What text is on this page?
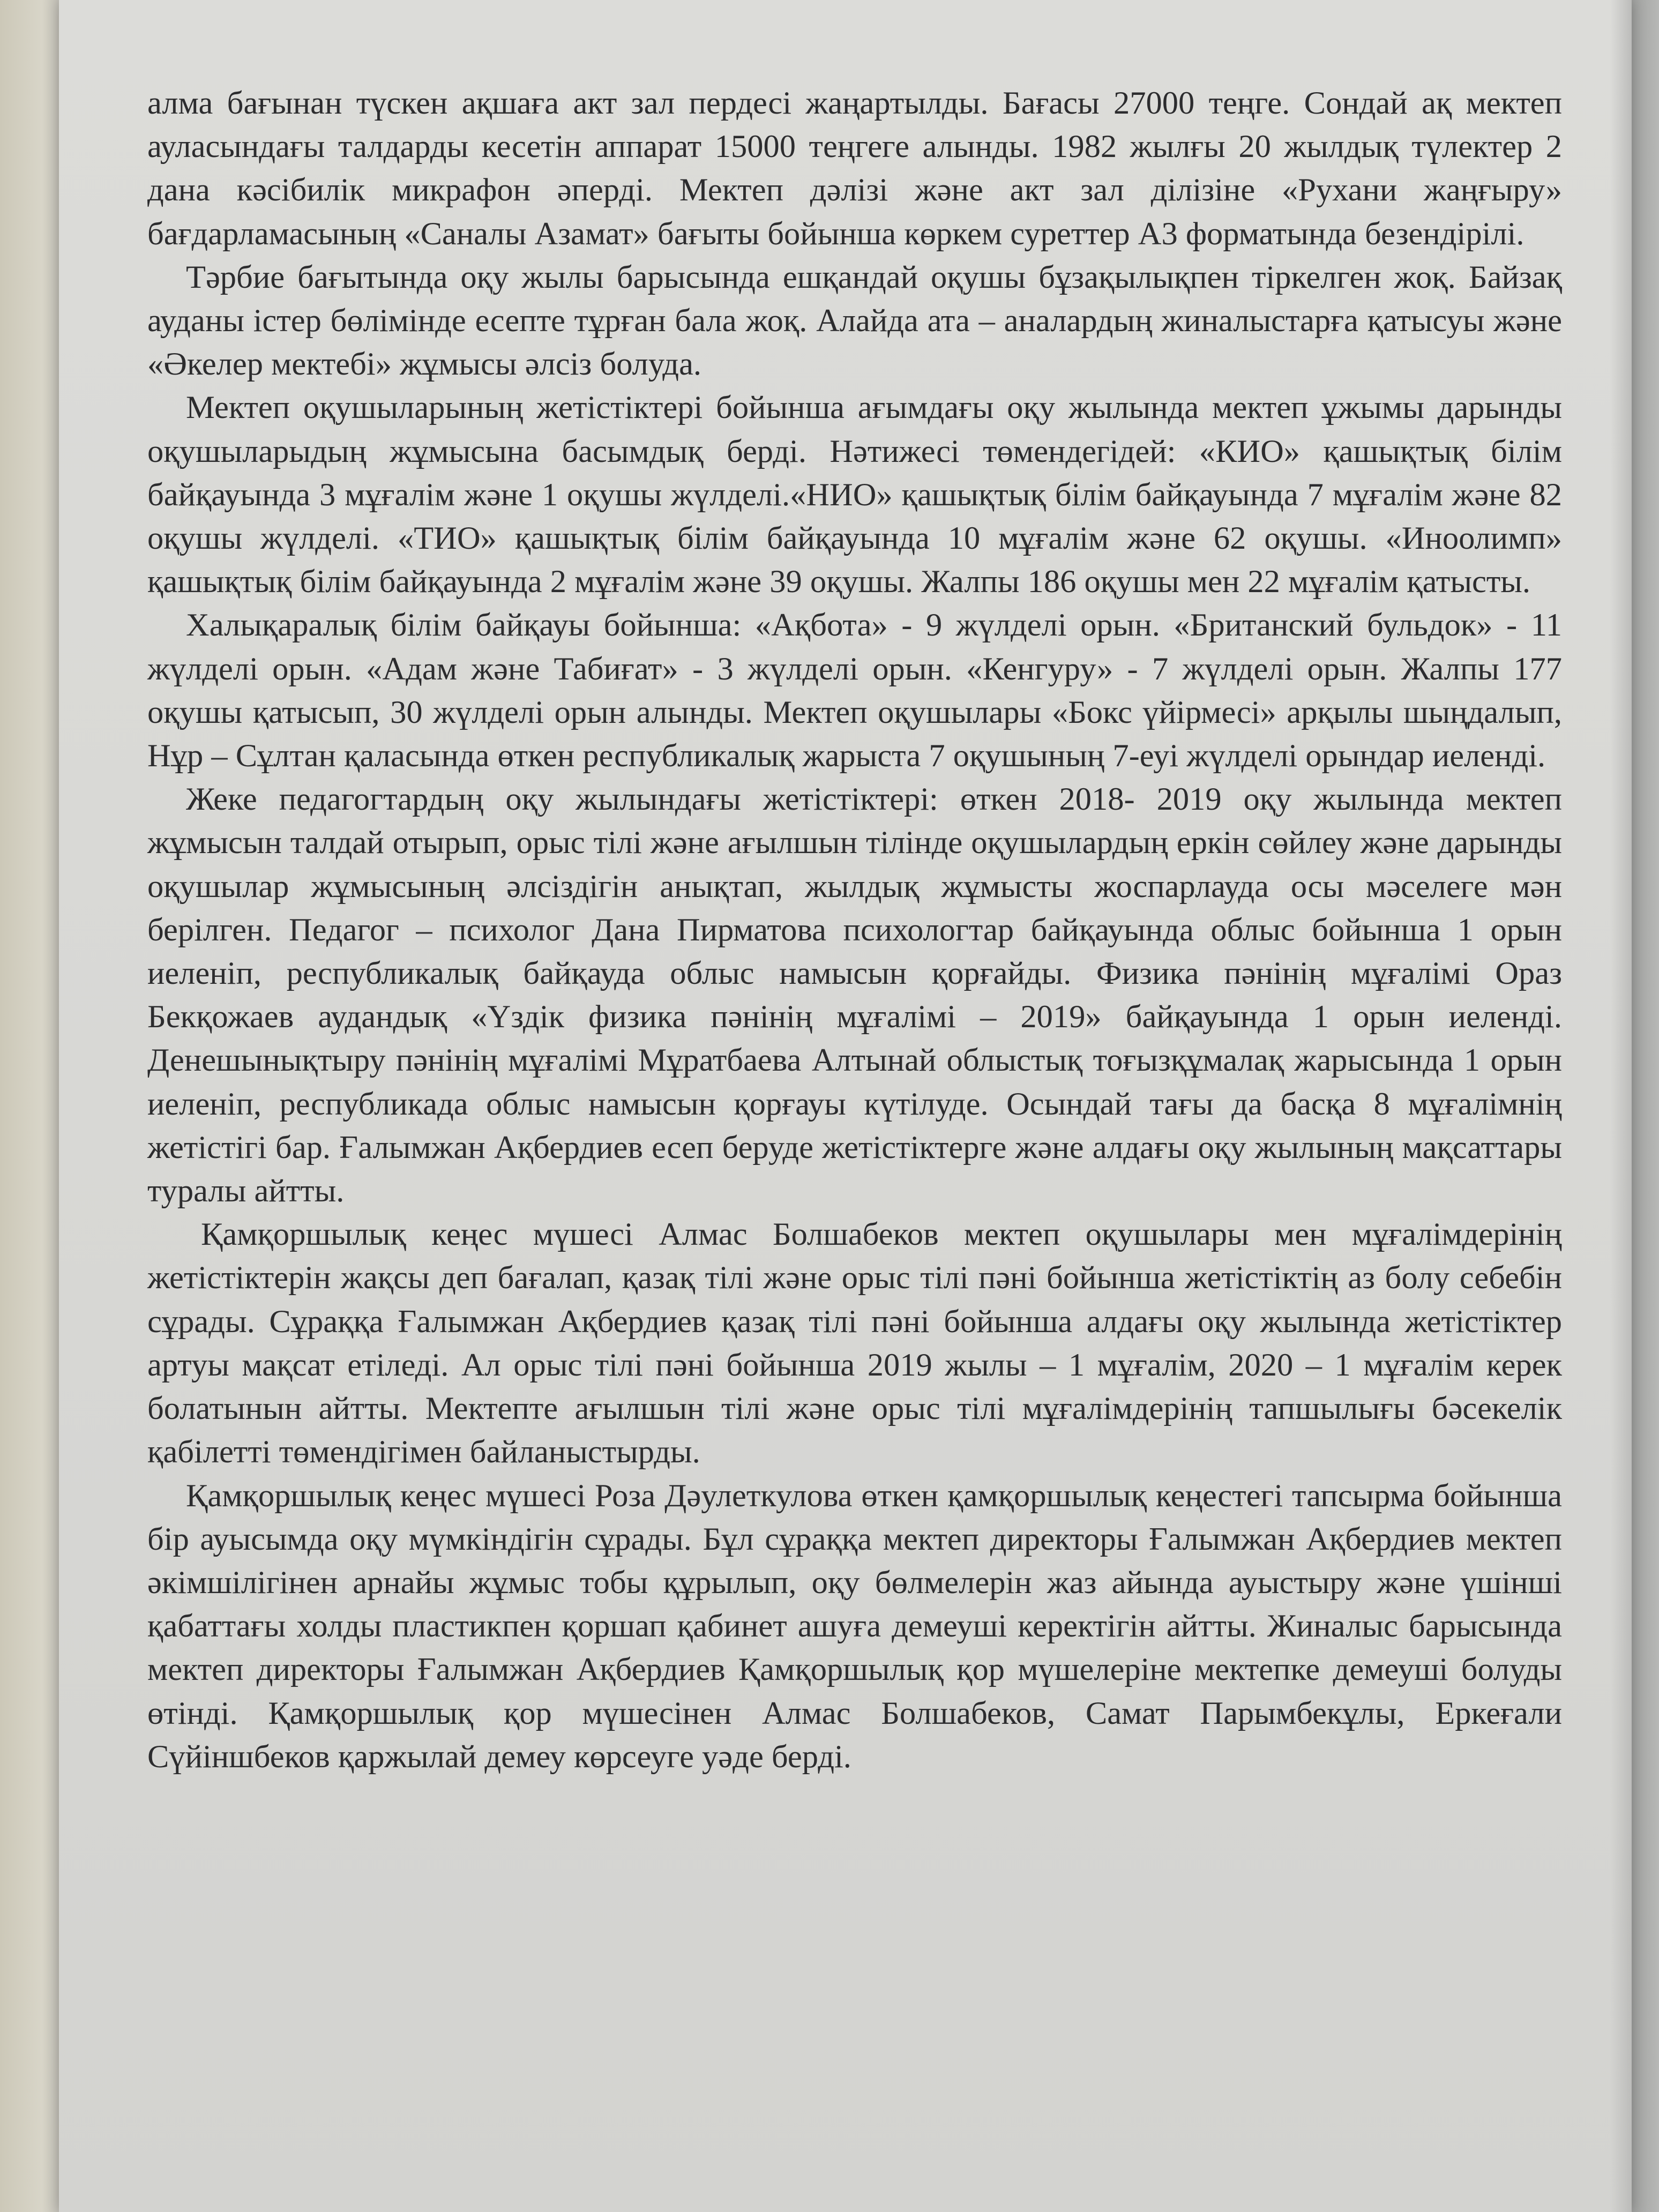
алма бағынан түскен ақшаға акт зал пердесі жаңартылды. Бағасы 27000 теңге. Сондай ақ мектеп ауласындағы талдарды кесетін аппарат 15000 теңгеге алынды. 1982 жылғы 20 жылдық түлектер 2 дана кәсібилік микрафон әперді. Мектеп дәлізі және акт зал ділізіне «Рухани жаңғыру» бағдарламасының «Саналы Азамат» бағыты бойынша көркем суреттер А3 форматында безендірілі.

Тәрбие бағытында оқу жылы барысында ешқандай оқушы бұзақылықпен тіркелген жоқ. Байзақ ауданы істер бөлімінде есепте тұрған бала жоқ. Алайда ата – аналардың жиналыстарға қатысуы және «Әкелер мектебі» жұмысы әлсіз болуда.

Мектеп оқушыларының жетістіктері бойынша ағымдағы оқу жылында мектеп ұжымы дарынды оқушыларыдың жұмысына басымдық берді. Нәтижесі төмендегідей: «КИО» қашықтық білім байқауында 3 мұғалім және 1 оқушы жүлделі.«НИО» қашықтық білім байқауында 7 мұғалім және 82 оқушы жүлделі. «ТИО» қашықтық білім байқауында 10 мұғалім және 62 оқушы. «Иноолимп» қашықтық білім байқауында 2 мұғалім және 39 оқушы. Жалпы 186 оқушы мен 22 мұғалім қатысты.

Халықаралық білім байқауы бойынша: «Ақбота» - 9 жүлделі орын. «Британский бульдок» - 11 жүлделі орын. «Адам және Табиғат» - 3 жүлделі орын. «Кенгуру» - 7 жүлделі орын. Жалпы 177 оқушы қатысып, 30 жүлделі орын алынды. Мектеп оқушылары «Бокс үйірмесі» арқылы шыңдалып, Нұр – Сұлтан қаласында өткен республикалық жарыста 7 оқушының 7-еуі жүлделі орындар иеленді.

Жеке педагогтардың оқу жылындағы жетістіктері: өткен 2018- 2019 оқу жылында мектеп жұмысын талдай отырып, орыс тілі және ағылшын тілінде оқушылардың еркін сөйлеу және дарынды оқушылар жұмысының әлсіздігін анықтап, жылдық жұмысты жоспарлауда осы мәселеге мән берілген. Педагог – психолог Дана Пирматова психологтар байқауында облыс бойынша 1 орын иеленіп, республикалық байқауда облыс намысын қорғайды. Физика пәнінің мұғалімі Ораз Бекқожаев аудандық «Үздік физика пәнінің мұғалімі – 2019» байқауында 1 орын иеленді. Денешынықтыру пәнінің мұғалімі Мұратбаева Алтынай облыстық тоғызқұмалақ жарысында 1 орын иеленіп, республикада облыс намысын қорғауы күтілуде. Осындай тағы да басқа 8 мұғалімнің жетістігі бар. Ғалымжан Ақбердиев есеп беруде жетістіктерге және алдағы оқу жылының мақсаттары туралы айтты.

Қамқоршылық кеңес мүшесі Алмас Болшабеков мектеп оқушылары мен мұғалімдерінің жетістіктерін жақсы деп бағалап, қазақ тілі және орыс тілі пәні бойынша жетістіктің аз болу себебін сұрады. Сұраққа Ғалымжан Ақбердиев қазақ тілі пәні бойынша алдағы оқу жылында жетістіктер артуы мақсат етіледі. Ал орыс тілі пәні бойынша 2019 жылы – 1 мұғалім, 2020 – 1 мұғалім керек болатынын айтты. Мектепте ағылшын тілі және орыс тілі мұғалімдерінің тапшылығы бәсекелік қабілетті төмендігімен байланыстырды.

Қамқоршылық кеңес мүшесі Роза Дәулеткулова өткен қамқоршылық кеңестегі тапсырма бойынша бір ауысымда оқу мүмкіндігін сұрады. Бұл сұраққа мектеп директоры Ғалымжан Ақбердиев мектеп әкімшілігінен арнайы жұмыс тобы құрылып, оқу бөлмелерін жаз айында ауыстыру және үшінші қабаттағы холды пластикпен қоршап қабинет ашуға демеуші керектігін айтты. Жиналыс барысында мектеп директоры Ғалымжан Ақбердиев Қамқоршылық қор мүшелеріне мектепке демеуші болуды өтінді. Қамқоршылық қор мүшесінен Алмас Болшабеков, Самат Парымбекұлы, Еркеғали Сүйіншбеков қаржылай демеу көрсеуге уәде берді.
